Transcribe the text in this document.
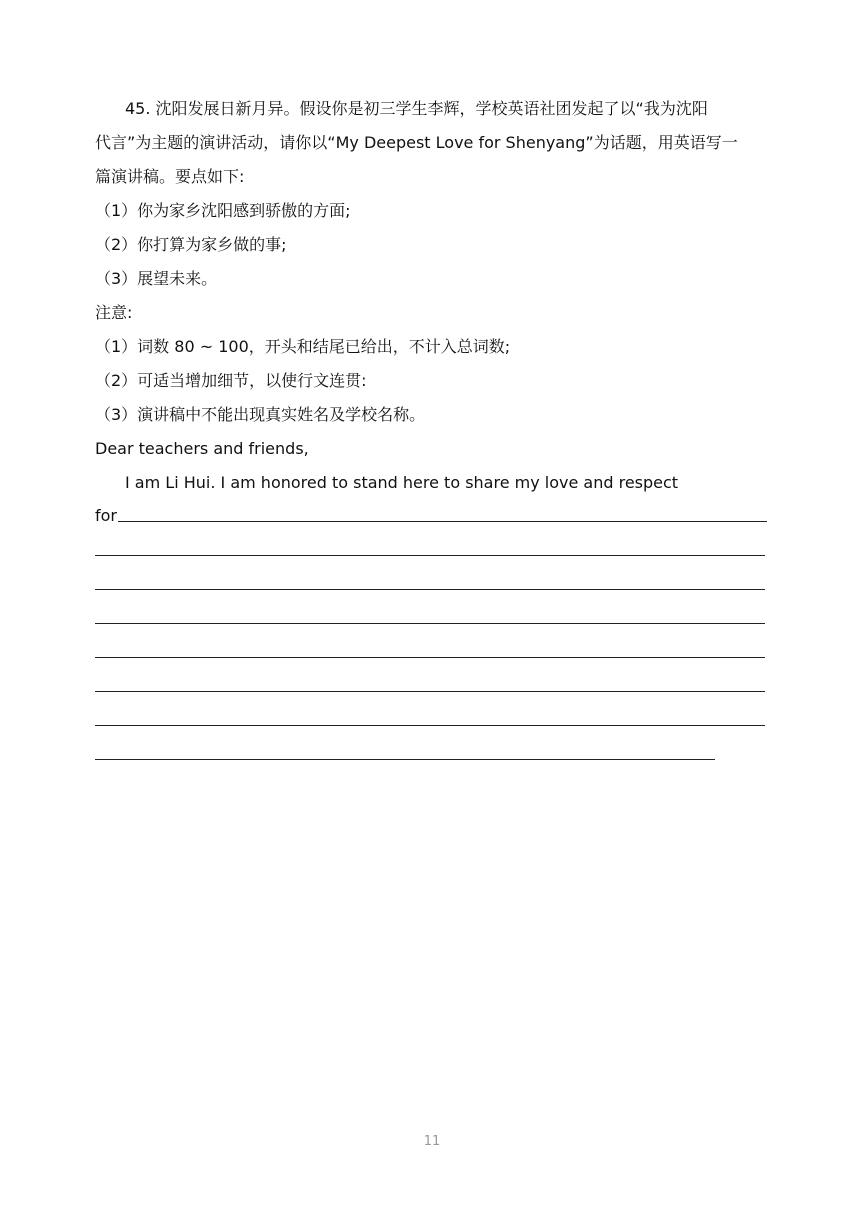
45. 沈阳发展日新月异。假设你是初三学生李辉，学校英语社团发起了以“我为沈阳
代言”为主题的演讲活动，请你以“My Deepest Love for Shenyang”为话题，用英语写一
篇演讲稿。要点如下:
（1）你为家乡沈阳感到骄傲的方面;
（2）你打算为家乡做的事;
（3）展望未来。
注意:
（1）词数 80 ~ 100，开头和结尾已给出，不计入总词数;
（2）可适当增加细节，以使行文连贯:
（3）演讲稿中不能出现真实姓名及学校名称。
Dear teachers and friends,
I am Li Hui. I am honored to stand here to share my love and respect
for
11
